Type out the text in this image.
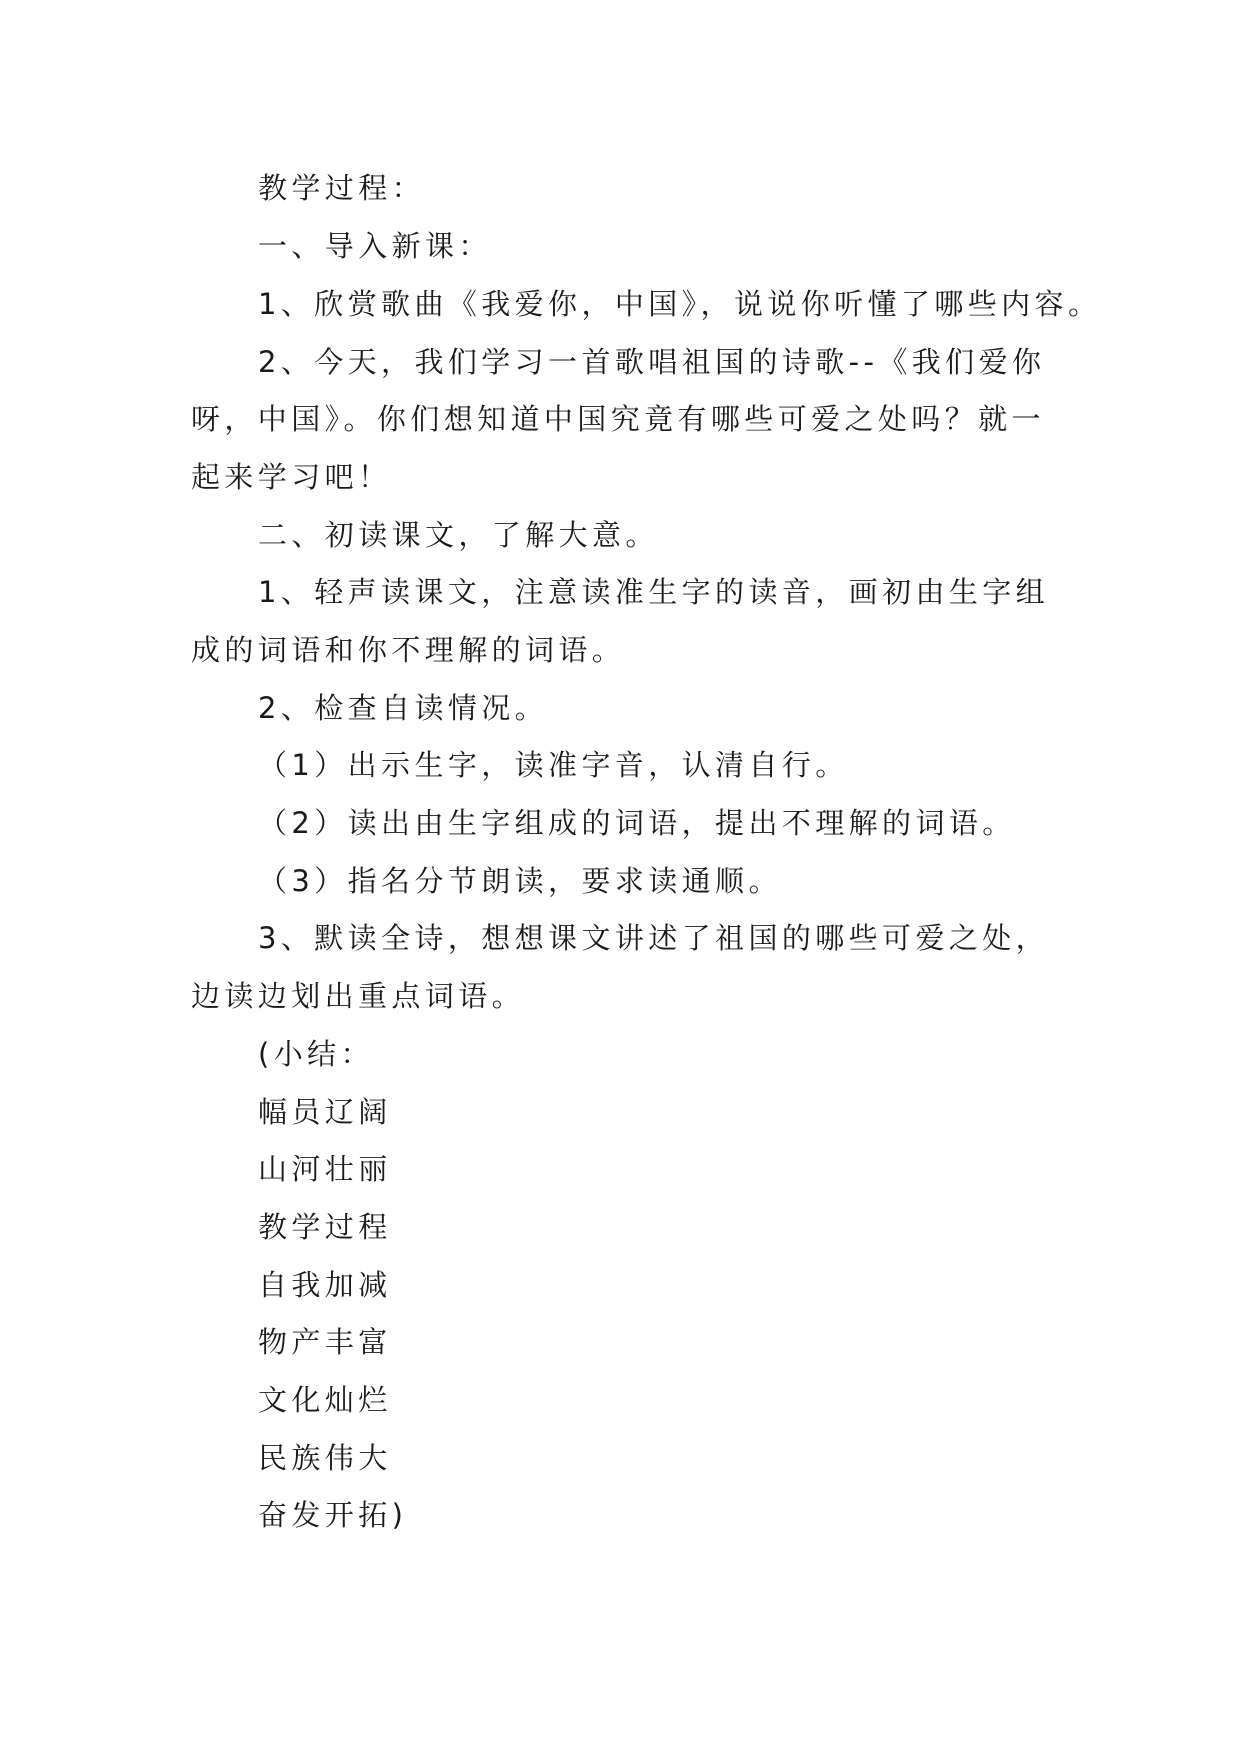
教学过程：

一、导入新课：

1、欣赏歌曲《我爱你，中国》，说说你听懂了哪些内容。

2、今天，我们学习一首歌唱祖国的诗歌--《我们爱你

呀，中国》。你们想知道中国究竟有哪些可爱之处吗？就一

起来学习吧！

二、初读课文，了解大意。

1、轻声读课文，注意读准生字的读音，画初由生字组

成的词语和你不理解的词语。

2、检查自读情况。

（1）出示生字，读准字音，认清自行。

（2）读出由生字组成的词语，提出不理解的词语。

（3）指名分节朗读，要求读通顺。

3、默读全诗，想想课文讲述了祖国的哪些可爱之处，

边读边划出重点词语。

(小结：

幅员辽阔

山河壮丽

教学过程

自我加减

物产丰富

文化灿烂

民族伟大

奋发开拓)
